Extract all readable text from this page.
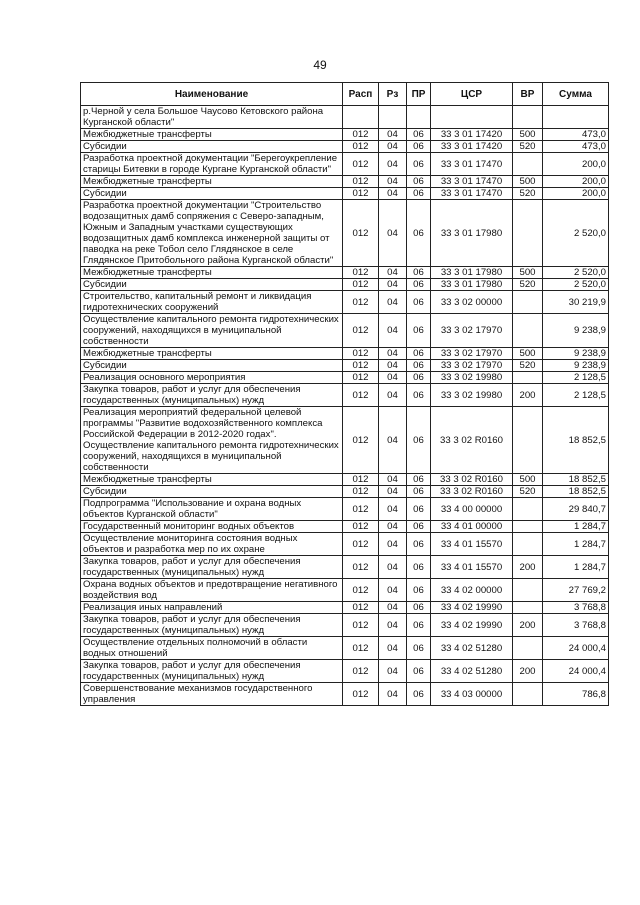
49
Наименование	Расп	Рз	ПР	ЦСР	ВР	Сумма
р.Черной у села Большое Чаусово Кетовского района Курганской области"						
Межбюджетные трансферты	012	04	06	33 3 01 17420	500	473,0
Субсидии	012	04	06	33 3 01 17420	520	473,0
Разработка проектной документации "Берегоукрепление старицы Битевки в городе Кургане Курганской области"	012	04	06	33 3 01 17470		200,0
Межбюджетные трансферты	012	04	06	33 3 01 17470	500	200,0
Субсидии	012	04	06	33 3 01 17470	520	200,0
Разработка проектной документации "Строительство водозащитных дамб сопряжения с Северо-западным, Южным и Западным участками существующих водозащитных дамб комплекса инженерной защиты от паводка на реке Тобол село Глядянское в селе Глядянское Притобольного района Курганской области"	012	04	06	33 3 01 17980		2 520,0
Межбюджетные трансферты	012	04	06	33 3 01 17980	500	2 520,0
Субсидии	012	04	06	33 3 01 17980	520	2 520,0
Строительство, капитальный ремонт и ликвидация гидротехнических сооружений	012	04	06	33 3 02 00000		30 219,9
Осуществление капитального ремонта гидротехнических сооружений, находящихся в муниципальной собственности	012	04	06	33 3 02 17970		9 238,9
Межбюджетные трансферты	012	04	06	33 3 02 17970	500	9 238,9
Субсидии	012	04	06	33 3 02 17970	520	9 238,9
Реализация основного мероприятия	012	04	06	33 3 02 19980		2 128,5
Закупка товаров, работ и услуг для обеспечения государственных (муниципальных) нужд	012	04	06	33 3 02 19980	200	2 128,5
Реализация мероприятий федеральной целевой программы "Развитие водохозяйственного комплекса Российской Федерации в 2012-2020 годах". Осуществление капитального ремонта гидротехнических сооружений, находящихся в муниципальной собственности	012	04	06	33 3 02 R0160		18 852,5
Межбюджетные трансферты	012	04	06	33 3 02 R0160	500	18 852,5
Субсидии	012	04	06	33 3 02 R0160	520	18 852,5
Подпрограмма "Использование и охрана водных объектов Курганской области"	012	04	06	33 4 00 00000		29 840,7
Государственный мониторинг водных объектов	012	04	06	33 4 01 00000		1 284,7
Осуществление мониторинга состояния водных объектов и разработка мер по их охране	012	04	06	33 4 01 15570		1 284,7
Закупка товаров, работ и услуг для обеспечения государственных (муниципальных) нужд	012	04	06	33 4 01 15570	200	1 284,7
Охрана водных объектов и предотвращение негативного воздействия вод	012	04	06	33 4 02 00000		27 769,2
Реализация иных направлений	012	04	06	33 4 02 19990		3 768,8
Закупка товаров, работ и услуг для обеспечения государственных (муниципальных) нужд	012	04	06	33 4 02 19990	200	3 768,8
Осуществление отдельных полномочий в области водных отношений	012	04	06	33 4 02 51280		24 000,4
Закупка товаров, работ и услуг для обеспечения государственных (муниципальных) нужд	012	04	06	33 4 02 51280	200	24 000,4
Совершенствование механизмов государственного управления	012	04	06	33 4 03 00000		786,8
